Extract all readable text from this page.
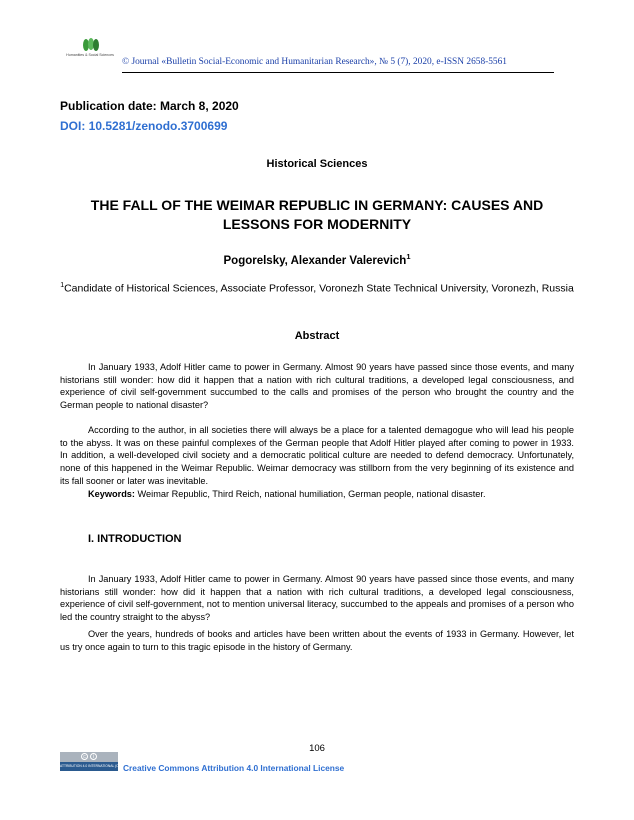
Humanities & Social Sciences
© Journal «Bulletin Social-Economic and Humanitarian Research», № 5 (7), 2020, e-ISSN 2658-5561
Publication date: March 8, 2020
DOI: 10.5281/zenodo.3700699
Historical Sciences
THE FALL OF THE WEIMAR REPUBLIC IN GERMANY: CAUSES AND LESSONS FOR MODERNITY
Pogorelsky, Alexander Valerevich$^1$
$^1$Candidate of Historical Sciences, Associate Professor, Voronezh State Technical University, Voronezh, Russia
Abstract

In January 1933, Adolf Hitler came to power in Germany. Almost 90 years have passed since those events, and many historians still wonder: how did it happen that a nation with rich cultural traditions, a developed legal consciousness, and experience of civil self-government succumbed to the calls and promises of the person who brought the country and the German people to national disaster?

According to the author, in all societies there will always be a place for a talented demagogue who will lead his people to the abyss. It was on these painful complexes of the German people that Adolf Hitler played after coming to power in 1933. In addition, a well-developed civil society and a democratic political culture are needed to defend democracy. Unfortunately, none of this happened in the Weimar Republic. Weimar democracy was stillborn from the very beginning of its existence and its fall sooner or later was inevitable.

Keywords: Weimar Republic, Third Reich, national humiliation, German people, national disaster.
I. INTRODUCTION

In January 1933, Adolf Hitler came to power in Germany. Almost 90 years have passed since those events, and many historians still wonder: how did it happen that a nation with rich cultural traditions, a developed legal consciousness, experience of civil self-government, not to mention universal literacy, succumbed to the appeals and promises of a person who led the country straight to the abyss?

Over the years, hundreds of books and articles have been written about the events of 1933 in Germany. However, let us try once again to turn to this tragic episode in the history of Germany.

106
c	i
ATTRIBUTION 4.0 INTERNATIONAL (CC BY 4.0)
Creative Commons Attribution 4.0 International License
